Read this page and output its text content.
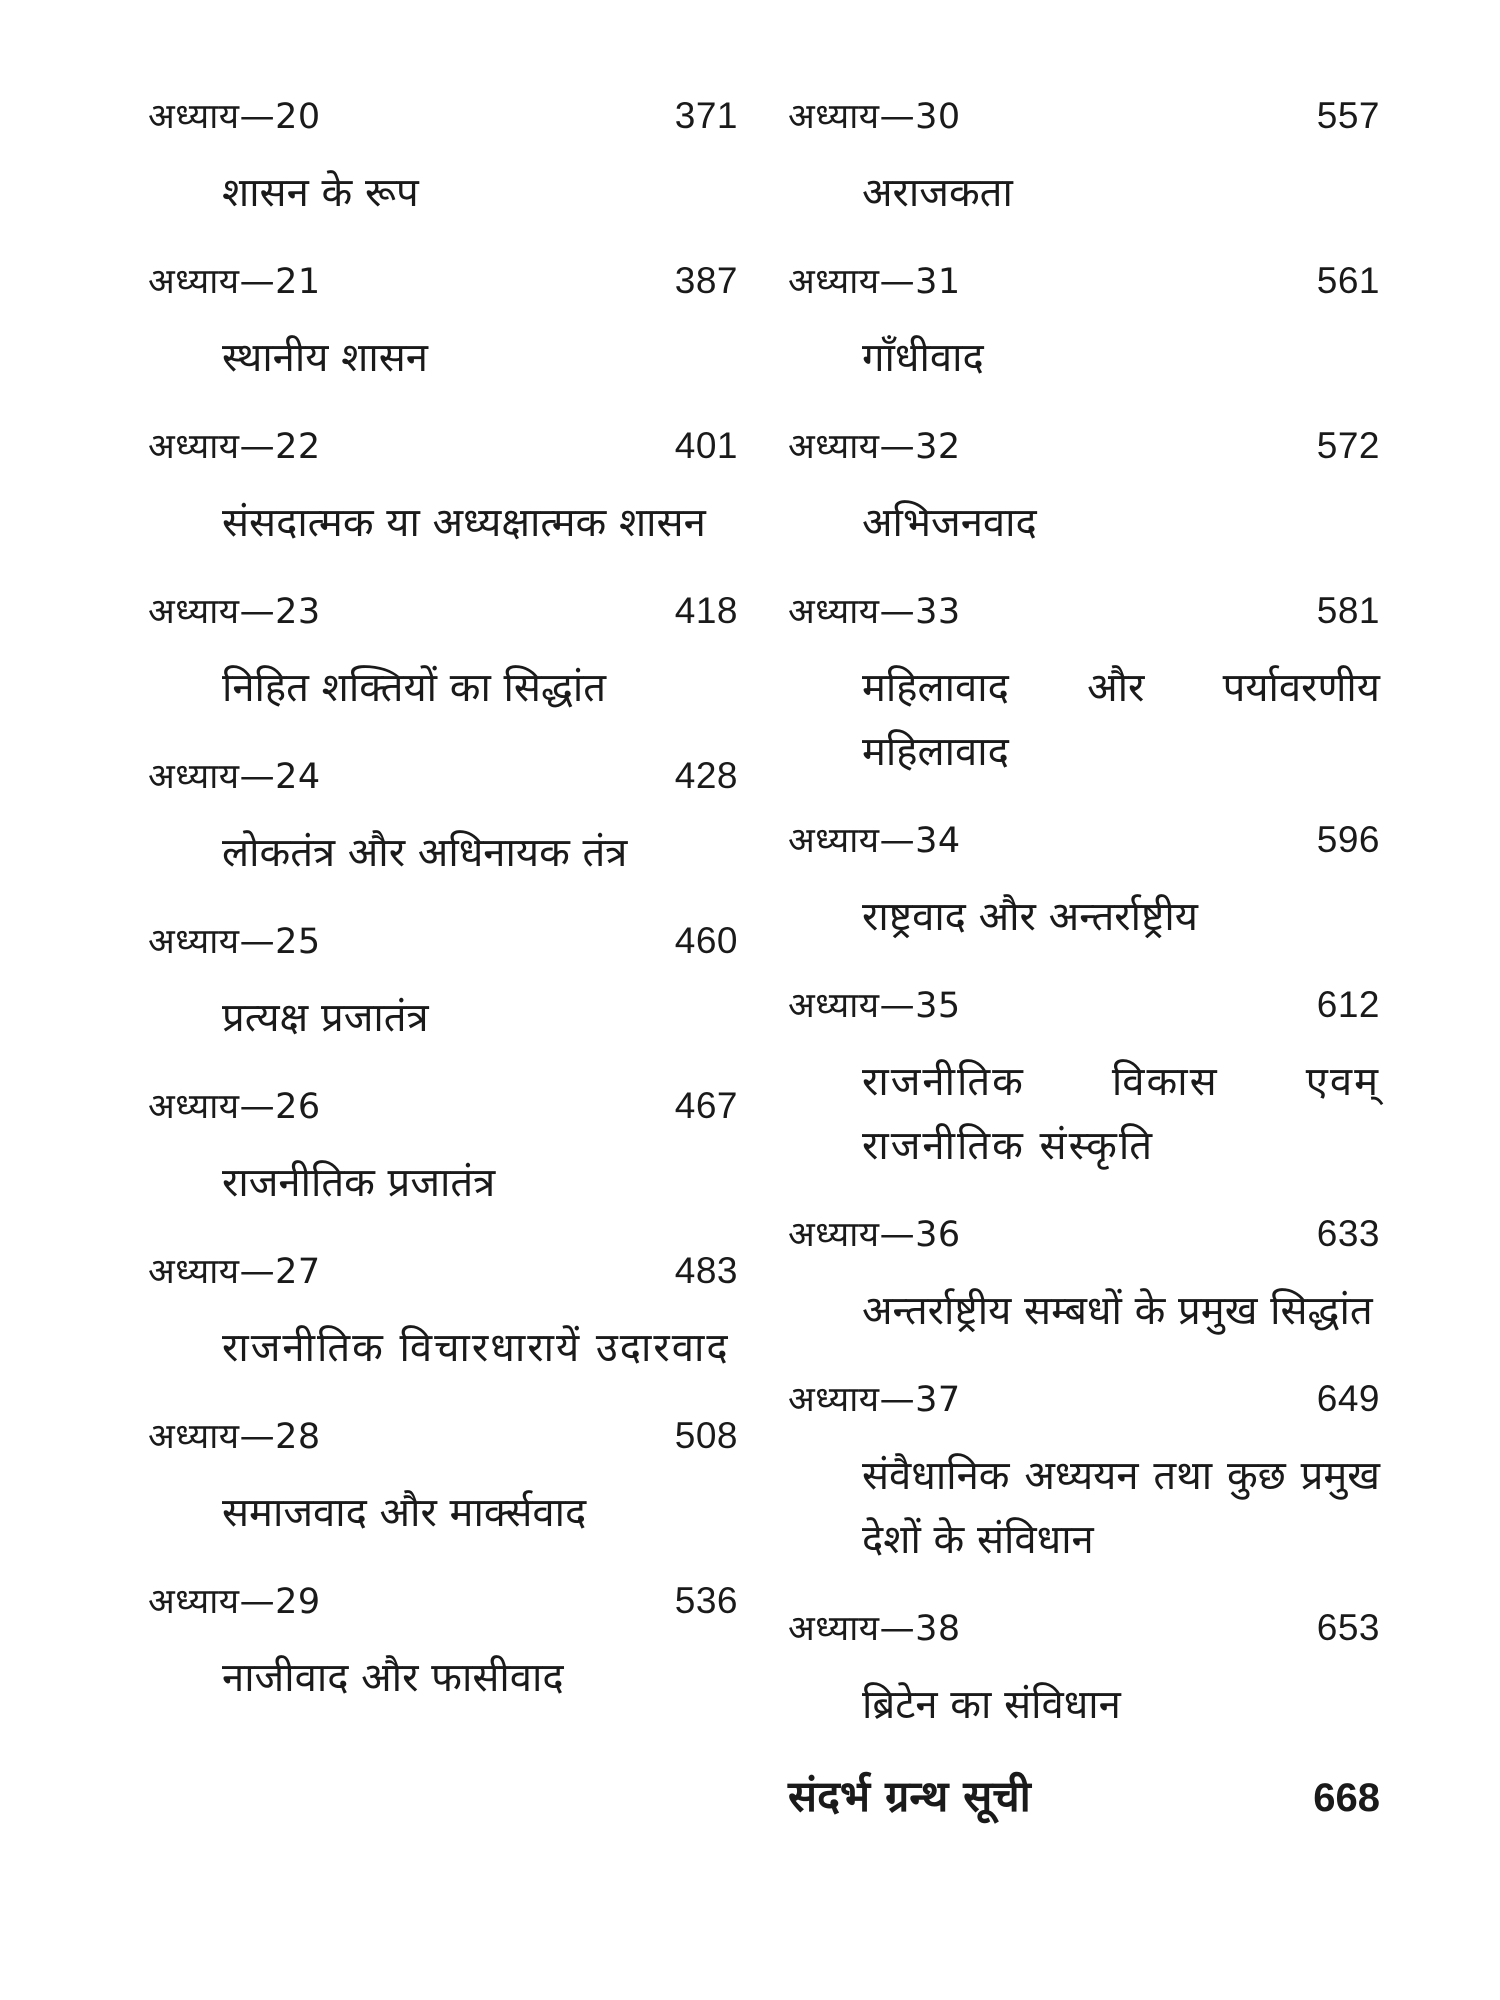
अध्याय—20	371
शासन के रूप
अध्याय—21	387
स्थानीय शासन
अध्याय—22	401
संसदात्मक या अध्यक्षात्मक शासन
अध्याय—23	418
निहित शक्तियों का सिद्धांत
अध्याय—24	428
लोकतंत्र और अधिनायक तंत्र
अध्याय—25	460
प्रत्यक्ष प्रजातंत्र
अध्याय—26	467
राजनीतिक प्रजातंत्र
अध्याय—27	483
राजनीतिक विचारधारायें उदारवाद
अध्याय—28	508
समाजवाद और मार्क्सवाद
अध्याय—29	536
नाजीवाद और फासीवाद
अध्याय—30	557
अराजकता
अध्याय—31	561
गाँधीवाद
अध्याय—32	572
अभिजनवाद
अध्याय—33	581
महिलावाद और पर्यावरणीय महिलावाद
अध्याय—34	596
राष्ट्रवाद और अन्तर्राष्ट्रीय
अध्याय—35	612
राजनीतिक विकास एवम् राजनीतिक संस्कृति
अध्याय—36	633
अन्तर्राष्ट्रीय सम्बधों के प्रमुख सिद्धांत
अध्याय—37	649
संवैधानिक अध्ययन तथा कुछ प्रमुख देशों के संविधान
अध्याय—38	653
ब्रिटेन का संविधान
संदर्भ ग्रन्थ सूची	668
